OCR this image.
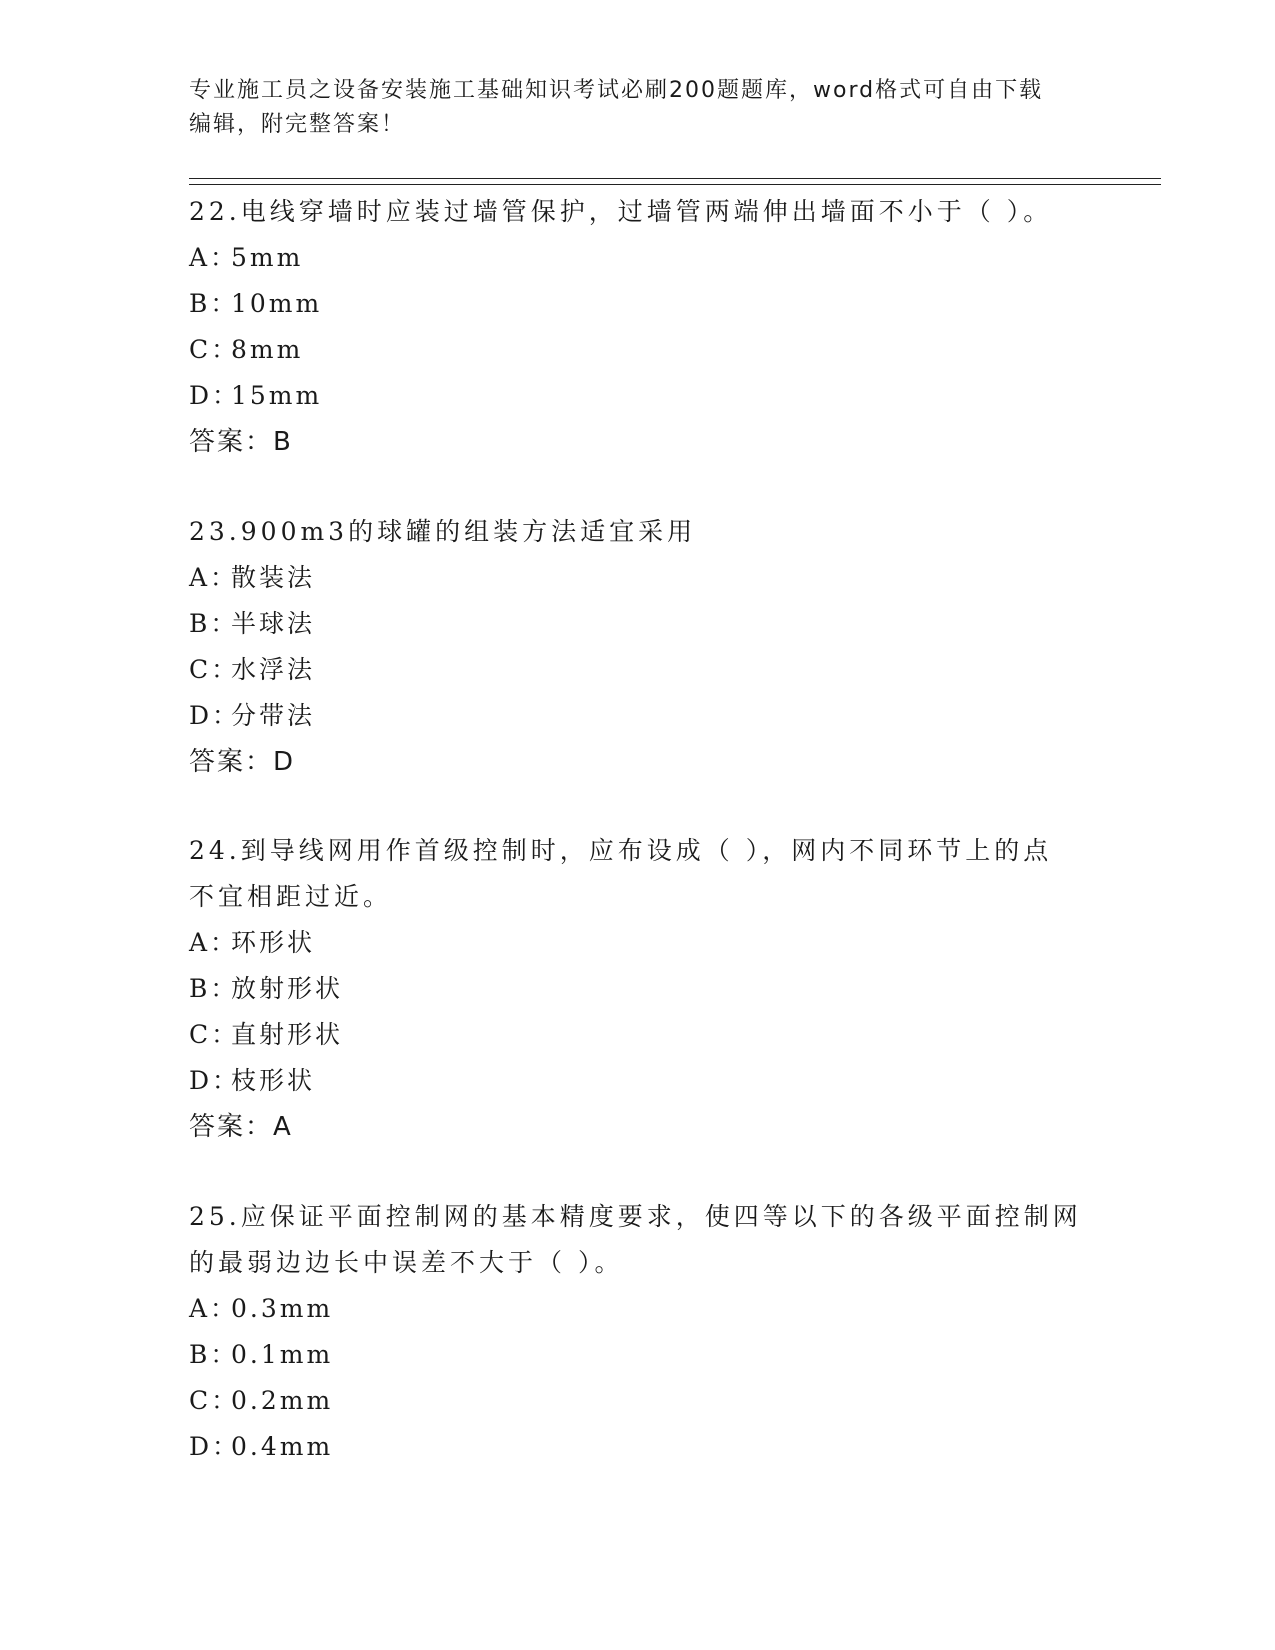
专业施工员之设备安装施工基础知识考试必刷200题题库，word格式可自由下载
编辑，附完整答案！

22.电线穿墙时应装过墙管保护，过墙管两端伸出墙面不小于（ ）。

A：5mm

B：10mm

C：8mm

D：15mm

答案：B

23.900m3的球罐的组装方法适宜采用

A：散装法

B：半球法

C：水浮法

D：分带法

答案：D

24.到导线网用作首级控制时，应布设成（ ），网内不同环节上的点

不宜相距过近。

A：环形状

B：放射形状

C：直射形状

D：枝形状

答案：A

25.应保证平面控制网的基本精度要求，使四等以下的各级平面控制网

的最弱边边长中误差不大于（ ）。

A：0.3mm

B：0.1mm

C：0.2mm

D：0.4mm
